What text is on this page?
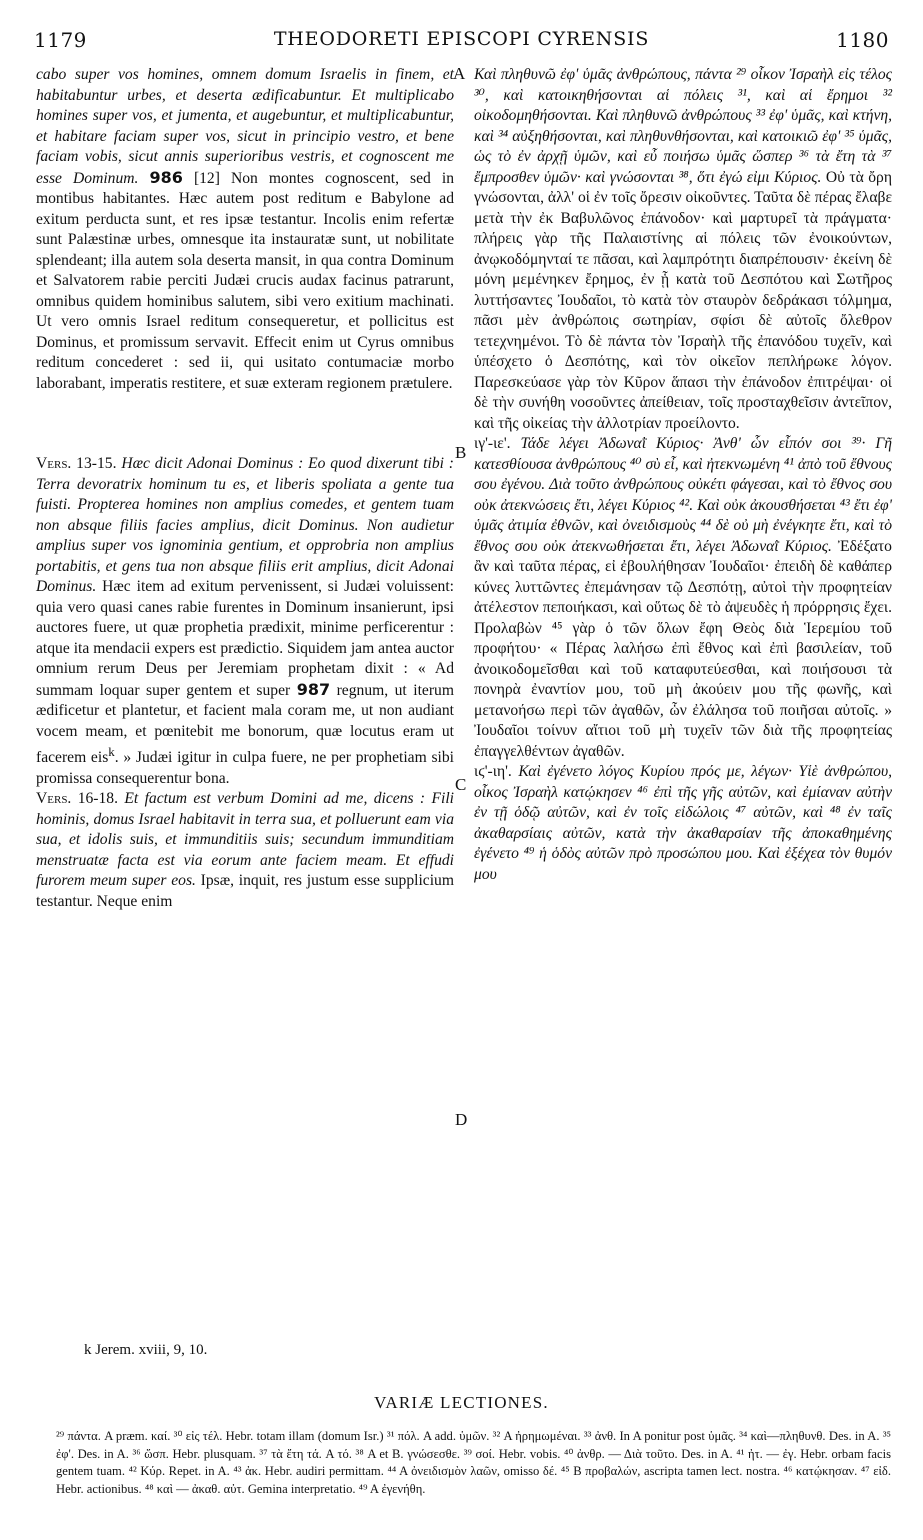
1179	THEODORETI EPISCOPI CYRENSIS	1180
A
B
C
D

cabo super vos homines, omnem domum Israelis in finem, et habitabuntur urbes, et deserta ædificabuntur. Et multiplicabo homines super vos, et jumenta, et augebuntur, et multiplicabuntur, et habitare faciam super vos, sicut in principio vestro, et bene faciam vobis, sicut annis superioribus vestris, et cognoscent me esse Dominum. 986 [12] Non montes cognoscent, sed in montibus habitantes. Hæc autem post reditum e Babylone ad exitum perducta sunt, et res ipsæ testantur. Incolis enim refertæ sunt Palæstinæ urbes, omnesque ita instauratæ sunt, ut nobilitate splendeant; illa autem sola deserta mansit, in qua contra Dominum et Salvatorem rabie perciti Judæi crucis audax facinus patrarunt, omnibus quidem hominibus salutem, sibi vero exitium machinati. Ut vero omnis Israel reditum consequeretur, et pollicitus est Dominus, et promissum servavit. Effecit enim ut Cyrus omnibus reditum concederet : sed ii, qui usitato contumaciæ morbo laborabant, imperatis restitere, et suæ exteram regionem prætulere.

Vers. 13-15. Hæc dicit Adonai Dominus : Eo quod dixerunt tibi : Terra devoratrix hominum tu es, et liberis spoliata a gente tua fuisti. Propterea homines non amplius comedes, et gentem tuam non absque filiis facies amplius, dicit Dominus. Non audietur amplius super vos ignominia gentium, et opprobria non amplius portabitis, et gens tua non absque filiis erit amplius, dicit Adonai Dominus. Hæc item ad exitum pervenissent, si Judæi voluissent: quia vero quasi canes rabie furentes in Dominum insanierunt, ipsi auctores fuere, ut quæ prophetia prædixit, minime perficerentur : atque ita mendacii expers est prædictio. Siquidem jam antea auctor omnium rerum Deus per Jeremiam prophetam dixit : « Ad summam loquar super gentem et super 987 regnum, ut iterum ædificetur et plantetur, et facient mala coram me, ut non audiant vocem meam, et pœnitebit me bonorum, quæ locutus eram ut facerem eis$^k$. » Judæi igitur in culpa fuere, ne per prophetiam sibi promissa consequerentur bona.

Vers. 16-18. Et factum est verbum Domini ad me, dicens : Fili hominis, domus Israel habitavit in terra sua, et polluerunt eam via sua, et idolis suis, et immunditiis suis; secundum immunditiam menstruatæ facta est via eorum ante faciem meam. Et effudi furorem meum super eos. Ipsæ, inquit, res justum esse supplicium testantur. Neque enim

Καὶ πληθυνῶ ἐφ' ὑμᾶς ἀνθρώπους, πάντα ²⁹ οἶκον Ἰσραὴλ εἰς τέλος ³⁰, καὶ κατοικηθήσονται αἱ πόλεις ³¹, καὶ αἱ ἔρημοι ³² οἰκοδομηθήσονται. Καὶ πληθυνῶ ἀνθρώπους ³³ ἐφ' ὑμᾶς, καὶ κτήνη, καὶ ³⁴ αὐξηθήσονται, καὶ πληθυνθήσονται, καὶ κατοικιῶ ἐφ' ³⁵ ὑμᾶς, ὡς τὸ ἐν ἀρχῇ ὑμῶν, καὶ εὖ ποιήσω ὑμᾶς ὥσπερ ³⁶ τὰ ἔτη τὰ ³⁷ ἔμπροσθεν ὑμῶν· καὶ γνώσονται ³⁸, ὅτι ἐγώ εἰμι Κύριος. Οὐ τὰ ὄρη γνώσονται, ἀλλ' οἱ ἐν τοῖς ὄρεσιν οἰκοῦντες. Ταῦτα δὲ πέρας ἔλαβε μετὰ τὴν ἐκ Βαβυλῶνος ἐπάνοδον· καὶ μαρτυρεῖ τὰ πράγματα· πλήρεις γὰρ τῆς Παλαιστίνης αἱ πόλεις τῶν ἐνοικούντων, ἀνῳκοδόμηνταί τε πᾶσαι, καὶ λαμπρότητι διαπρέπουσιν· ἐκείνη δὲ μόνη μεμένηκεν ἔρημος, ἐν ᾗ κατὰ τοῦ Δεσπότου καὶ Σωτῆρος λυττήσαντες Ἰουδαῖοι, τὸ κατὰ τὸν σταυρὸν δεδράκασι τόλμημα, πᾶσι μὲν ἀνθρώποις σωτηρίαν, σφίσι δὲ αὐτοῖς ὄλεθρον τετεχνημένοι. Τὸ δὲ πάντα τὸν Ἰσραὴλ τῆς ἐπανόδου τυχεῖν, καὶ ὑπέσχετο ὁ Δεσπότης, καὶ τὸν οἰκεῖον πεπλήρωκε λόγον. Παρεσκεύασε γὰρ τὸν Κῦρον ἅπασι τὴν ἐπάνοδον ἐπιτρέψαι· οἱ δὲ τὴν συνήθη νοσοῦντες ἀπείθειαν, τοῖς προσταχθεῖσιν ἀντεῖπον, καὶ τῆς οἰκείας τὴν ἀλλοτρίαν προείλοντο.

ιγ'-ιε'. Τάδε λέγει Ἀδωναῒ Κύριος· Ἀνθ' ὧν εἶπόν σοι ³⁹· Γῆ κατεσθίουσα ἀνθρώπους ⁴⁰ σὺ εἶ, καὶ ἠτεκνωμένη ⁴¹ ἀπὸ τοῦ ἔθνους σου ἐγένου. Διὰ τοῦτο ἀνθρώπους οὐκέτι φάγεσαι, καὶ τὸ ἔθνος σου οὐκ ἀτεκνώσεις ἔτι, λέγει Κύριος ⁴². Καὶ οὐκ ἀκουσθήσεται ⁴³ ἔτι ἐφ' ὑμᾶς ἀτιμία ἐθνῶν, καὶ ὀνειδισμοὺς ⁴⁴ δὲ οὐ μὴ ἐνέγκητε ἔτι, καὶ τὸ ἔθνος σου οὐκ ἀτεκνωθήσεται ἔτι, λέγει Ἀδωναῒ Κύριος. Ἐδέξατο ἂν καὶ ταῦτα πέρας, εἰ ἐβουλήθησαν Ἰουδαῖοι· ἐπειδὴ δὲ καθάπερ κύνες λυττῶντες ἐπεμάνησαν τῷ Δεσπότῃ, αὐτοὶ τὴν προφητείαν ἀτέλεστον πεποιήκασι, καὶ οὕτως δὲ τὸ ἀψευδὲς ἡ πρόρρησις ἔχει. Προλαβὼν ⁴⁵ γὰρ ὁ τῶν ὅλων ἔφη Θεὸς διὰ Ἱερεμίου τοῦ προφήτου· « Πέρας λαλήσω ἐπὶ ἔθνος καὶ ἐπὶ βασιλείαν, τοῦ ἀνοικοδομεῖσθαι καὶ τοῦ καταφυτεύεσθαι, καὶ ποιήσουσι τὰ πονηρὰ ἐναντίον μου, τοῦ μὴ ἀκούειν μου τῆς φωνῆς, καὶ μετανοήσω περὶ τῶν ἀγαθῶν, ὧν ἐλάλησα τοῦ ποιῆσαι αὐτοῖς. » Ἰουδαῖοι τοίνυν αἴτιοι τοῦ μὴ τυχεῖν τῶν διὰ τῆς προφητείας ἐπαγγελθέντων ἀγαθῶν.

ιϛ'-ιη'. Καὶ ἐγένετο λόγος Κυρίου πρός με, λέγων· Υἱὲ ἀνθρώπου, οἶκος Ἰσραὴλ κατῴκησεν ⁴⁶ ἐπὶ τῆς γῆς αὐτῶν, καὶ ἐμίαναν αὐτὴν ἐν τῇ ὁδῷ αὐτῶν, καὶ ἐν τοῖς εἰδώλοις ⁴⁷ αὐτῶν, καὶ ⁴⁸ ἐν ταῖς ἀκαθαρσίαις αὐτῶν, κατὰ τὴν ἀκαθαρσίαν τῆς ἀποκαθημένης ἐγένετο ⁴⁹ ἡ ὁδὸς αὐτῶν πρὸ προσώπου μου. Καὶ ἐξέχεα τὸν θυμόν μου

k Jerem. xviii, 9, 10.
VARIÆ LECTIONES.

²⁹ πάντα. A præm. καί. ³⁰ εἰς τέλ. Hebr. totam illam (domum Isr.) ³¹ πόλ. A add. ὑμῶν. ³² A ἠρημωμέναι. ³³ ἀνθ. In A ponitur post ὑμᾶς. ³⁴ καὶ—πληθυνθ. Des. in A. ³⁵ ἐφ'. Des. in A. ³⁶ ὥσπ. Hebr. plusquam. ³⁷ τὰ ἔτη τά. A τό. ³⁸ A et B. γνώσεσθε. ³⁹ σοί. Hebr. vobis. ⁴⁰ ἀνθρ. — Διὰ τοῦτο. Des. in A. ⁴¹ ἠτ. — ἐγ. Hebr. orbam facis gentem tuam. ⁴² Κύρ. Repet. in A. ⁴³ ἀκ. Hebr. audiri permittam. ⁴⁴ A ὀνειδισμὸν λαῶν, omisso δέ. ⁴⁵ B προβαλών, ascripta tamen lect. nostra. ⁴⁶ κατῴκησαν. ⁴⁷ εἰδ. Hebr. actionibus. ⁴⁸ καὶ — ἀκαθ. αὐτ. Gemina interpretatio. ⁴⁹ A ἐγενήθη.
